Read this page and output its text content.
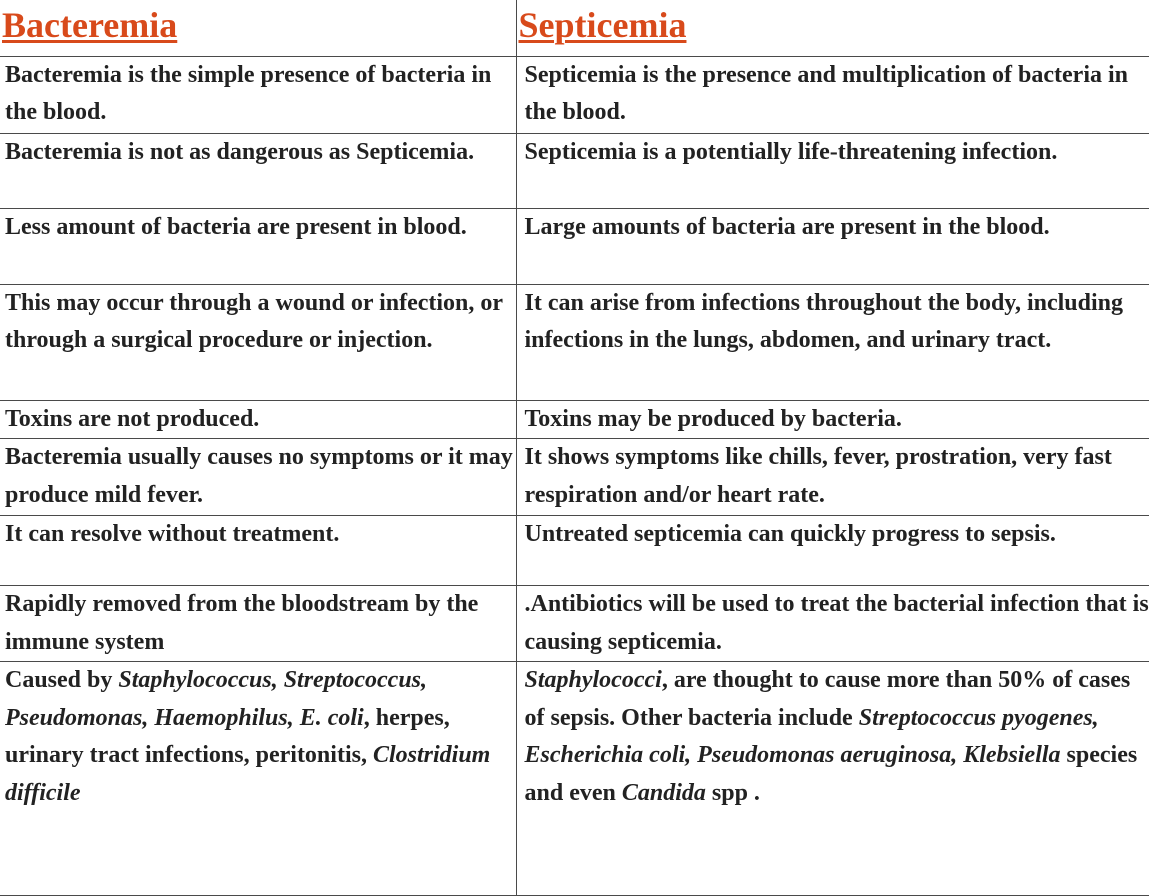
Bacteremia	Septicemia
Bacteremia is the simple presence of bacteria in the blood.	Septicemia is the presence and multiplication of bacteria in the blood.
Bacteremia is not as dangerous as Septicemia.	Septicemia is a potentially life-threatening infection.
Less amount of bacteria are present in blood.	Large amounts of bacteria are present in the blood.
This may occur through a wound or infection, or through a surgical procedure or injection.	It can arise from infections throughout the body, including infections in the lungs, abdomen, and urinary tract.
Toxins are not produced.	Toxins may be produced by bacteria.
Bacteremia usually causes no symptoms or it may produce mild fever.	It shows symptoms like chills, fever, prostration, very fast respiration and/or heart rate.
It can resolve without treatment.	Untreated septicemia can quickly progress to sepsis.
Rapidly removed from the bloodstream by the immune system	.Antibiotics will be used to treat the bacterial infection that is causing septicemia.
Caused by Staphylococcus, Streptococcus, Pseudomonas, Haemophilus, E. coli, herpes, urinary tract infections, peritonitis, Clostridium difficile	Staphylococci, are thought to cause more than 50% of cases of sepsis. Other bacteria include Streptococcus pyogenes, Escherichia coli, Pseudomonas aeruginosa, Klebsiella species and even Candida spp .
